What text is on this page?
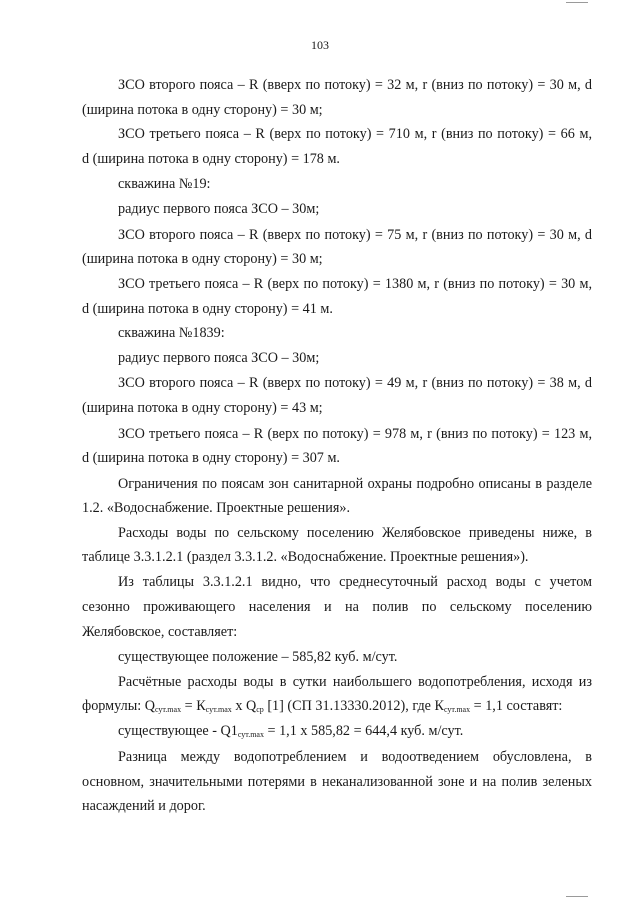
103
ЗСО второго пояса – R (вверх по потоку) = 32 м, r (вниз по потоку) = 30 м, d
(ширина потока в одну сторону) = 30 м;
ЗСО третьего пояса – R (верх по потоку) = 710 м, r (вниз по потоку) = 66 м,
d (ширина потока в одну сторону) = 178 м.
скважина №19:
радиус первого пояса ЗСО – 30м;
ЗСО второго пояса – R (вверх по потоку) = 75 м, r (вниз по потоку) = 30 м, d
(ширина потока в одну сторону) = 30 м;
ЗСО третьего пояса – R (верх по потоку) = 1380 м, r (вниз по потоку) = 30 м,
d (ширина потока в одну сторону) = 41 м.
скважина №1839:
радиус первого пояса ЗСО – 30м;
ЗСО второго пояса – R (вверх по потоку) = 49 м, r (вниз по потоку) = 38 м, d
(ширина потока в одну сторону) = 43 м;
ЗСО третьего пояса – R (верх по потоку) = 978 м, r (вниз по потоку) = 123 м,
d (ширина потока в одну сторону) = 307 м.
Ограничения по поясам зон санитарной охраны подробно описаны в разделе
1.2. «Водоснабжение. Проектные решения».
Расходы воды по сельскому поселению Желябовское приведены ниже, в
таблице 3.3.1.2.1 (раздел 3.3.1.2. «Водоснабжение. Проектные решения»).
Из таблицы 3.3.1.2.1 видно, что среднесуточный расход воды с учетом
сезонно проживающего населения и на полив по сельскому поселению
Желябовское, составляет:
существующее положение – 585,82 куб. м/сут.
Расчётные расходы воды в сутки наибольшего водопотребления, исходя из
формулы: $Q_{сут.max} = К_{сут.max}$ х $Q_{ср}$ [1] (СП 31.13330.2012), где $К_{сут.max} = 1,1$ составят:
существующее - $Q1_{сут.max} = 1,1$ х 585,82 = 644,4 куб. м/сут.
Разница между водопотреблением и водоотведением обусловлена, в
основном, значительными потерями в неканализованной зоне и на полив зеленых
насаждений и дорог.
